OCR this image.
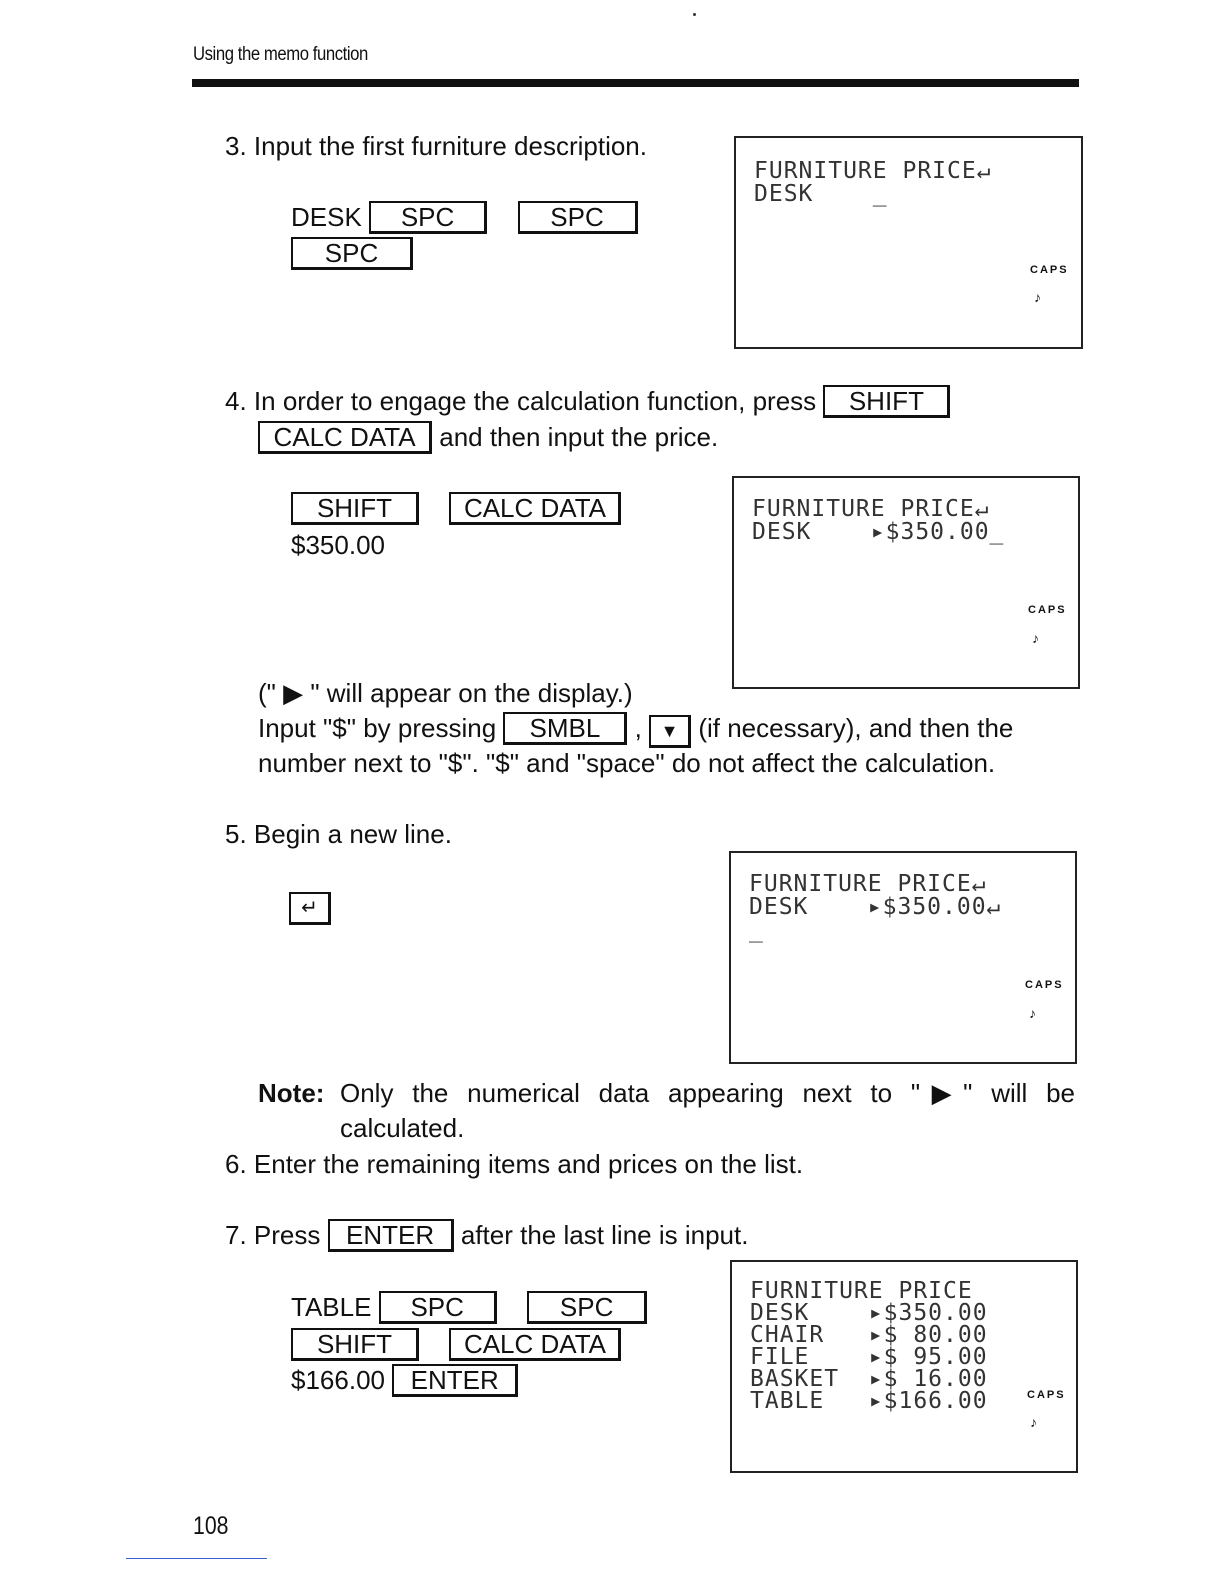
Using the memo function
3. Input the first furniture description.
DESK SPC	SPC
SPC
FURNITURE PRICE↵
DESK    _
CAPS
♪
4. In order to engage the calculation function, press SHIFT
CALC DATA and then input the price.
SHIFT	CALC DATA
$350.00
FURNITURE PRICE↵
DESK    ▸$350.00_
CAPS
♪
(" ▶ " will appear on the display.)
Input "$" by pressing SMBL , ▼ (if necessary), and then the
number next to "$". "$" and "space" do not affect the calculation.
5. Begin a new line.
↵
FURNITURE PRICE↵
DESK    ▸$350.00↵
_
CAPS
♪
Note: Only the numerical data appearing next to "▶" will be
calculated.
6. Enter the remaining items and prices on the list.
7. Press ENTER after the last line is input.
TABLE SPC	SPC
SHIFT	CALC DATA
$166.00 ENTER
FURNITURE PRICE
DESK    ▸$350.00
CHAIR   ▸$ 80.00
FILE    ▸$ 95.00
BASKET  ▸$ 16.00
TABLE   ▸$166.00	CAPS
♪
108
